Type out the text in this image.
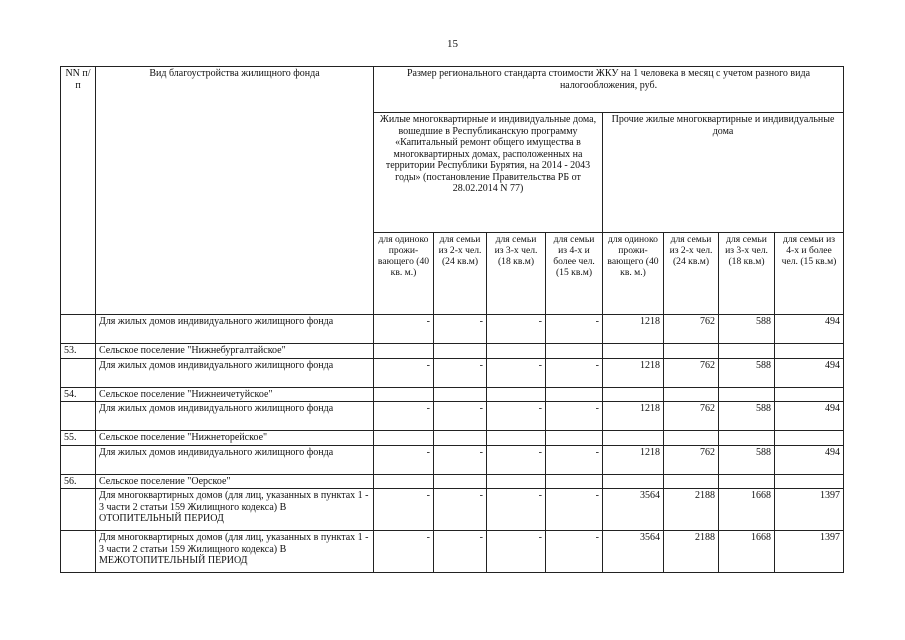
15
NN п/п	Вид благоустройства жилищного фонда	Размер регионального стандарта стоимости ЖКУ на 1 человека в месяц с учетом разного вида налогообложения, руб.							
		Жилые многоквартирные и индивидуальные дома, вошедшие в Республиканскую программу «Капитальный ремонт общего имущества в многоквартирных домах, расположенных на территории Республики Бурятия, на 2014 - 2043 годы» (постановление Правительства РБ от 28.02.2014 N 77)				Прочие жилые многоквартирные и индивидуальные дома			
		для одиноко прожи-вающего (40 кв. м.)	для семьи из 2-х чел. (24 кв.м)	для семьи из 3-х чел. (18 кв.м)	для семьи из 4-х и более чел. (15 кв.м)	для одиноко прожи-вающего (40 кв. м.)	для семьи из 2-х чел. (24 кв.м)	для семьи из 3-х чел. (18 кв.м)	для семьи из 4-х и более чел. (15 кв.м)
	Для жилых домов индивидуального жилищного фонда	-	-	-	-	1218	762	588	494
53.	Сельское поселение "Нижнебургалтайское"								
	Для жилых домов индивидуального жилищного фонда	-	-	-	-	1218	762	588	494
54.	Сельское поселение "Нижнеичетуйское"								
	Для жилых домов индивидуального жилищного фонда	-	-	-	-	1218	762	588	494
55.	Сельское поселение "Нижнеторейское"								
	Для жилых домов индивидуального жилищного фонда	-	-	-	-	1218	762	588	494
56.	Сельское поселение "Оерское"								
	Для многоквартирных домов (для лиц, указанных в пунктах 1 - 3 части 2 статьи 159 Жилищного кодекса) В ОТОПИТЕЛЬНЫЙ ПЕРИОД	-	-	-	-	3564	2188	1668	1397
	Для многоквартирных домов (для лиц, указанных в пунктах 1 - 3 части 2 статьи 159 Жилищного кодекса) В МЕЖОТОПИТЕЛЬНЫЙ ПЕРИОД	-	-	-	-	3564	2188	1668	1397
